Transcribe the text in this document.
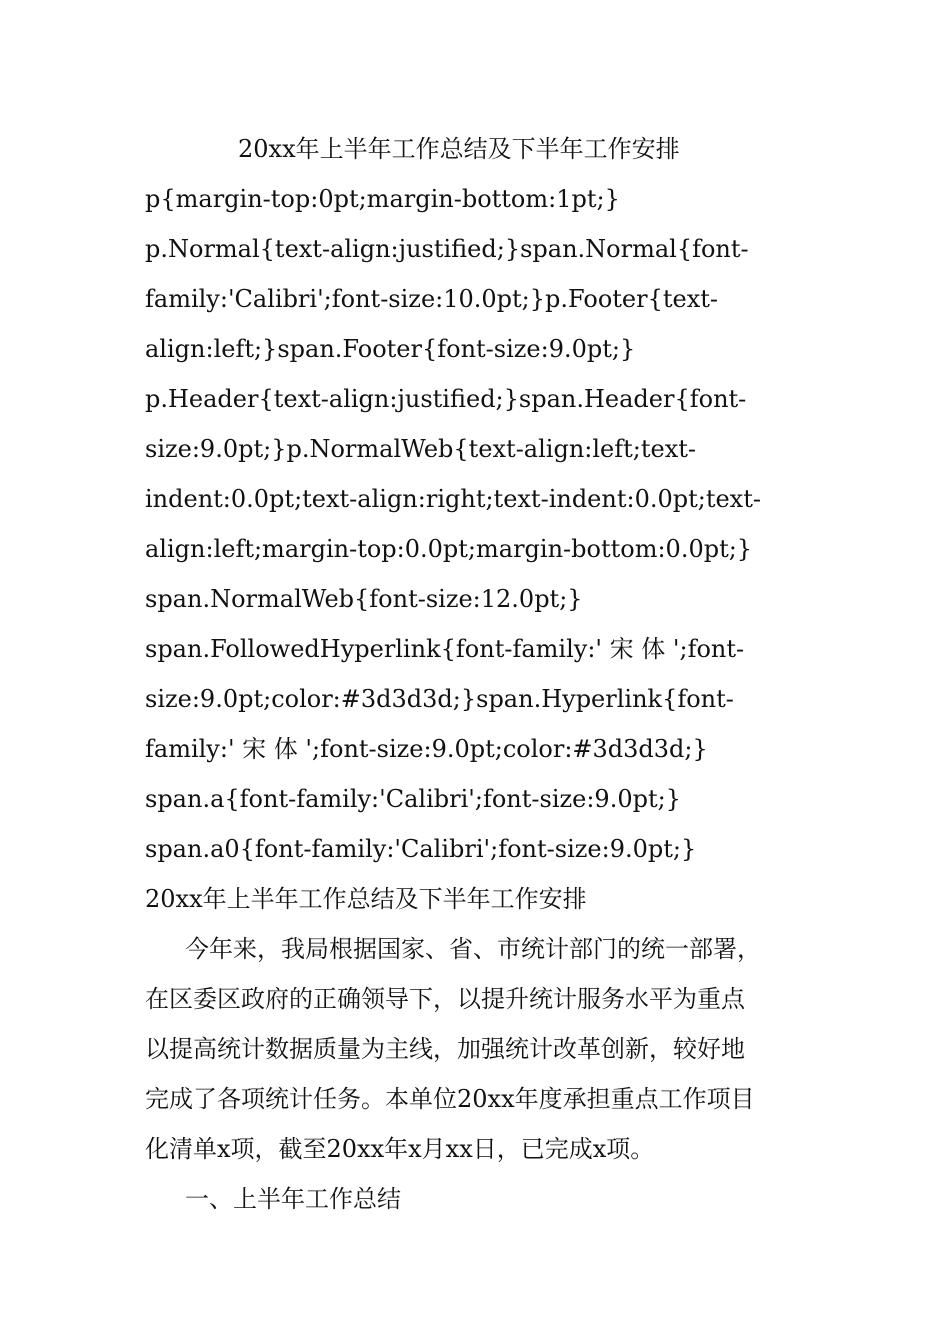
20xx年上半年工作总结及下半年工作安排
p{margin-top:0pt;margin-bottom:1pt;}
p.Normal{text-align:justified;}span.Normal{font-
family:'Calibri';font-size:10.0pt;}p.Footer{text-
align:left;}span.Footer{font-size:9.0pt;}
p.Header{text-align:justified;}span.Header{font-
size:9.0pt;}p.NormalWeb{text-align:left;text-
indent:0.0pt;text-align:right;text-indent:0.0pt;text-
align:left;margin-top:0.0pt;margin-bottom:0.0pt;}
span.NormalWeb{font-size:12.0pt;}
span.FollowedHyperlink{font-family:' 宋 体 ';font-
size:9.0pt;color:#3d3d3d;}span.Hyperlink{font-
family:' 宋 体 ';font-size:9.0pt;color:#3d3d3d;}
span.a{font-family:'Calibri';font-size:9.0pt;}
span.a0{font-family:'Calibri';font-size:9.0pt;}
20xx年上半年工作总结及下半年工作安排
今年来，我局根据国家、省、市统计部门的统一部署，
在区委区政府的正确领导下，以提升统计服务水平为重点
以提高统计数据质量为主线，加强统计改革创新，较好地
完成了各项统计任务。本单位20xx年度承担重点工作项目
化清单x项，截至20xx年x月xx日，已完成x项。
一、上半年工作总结
